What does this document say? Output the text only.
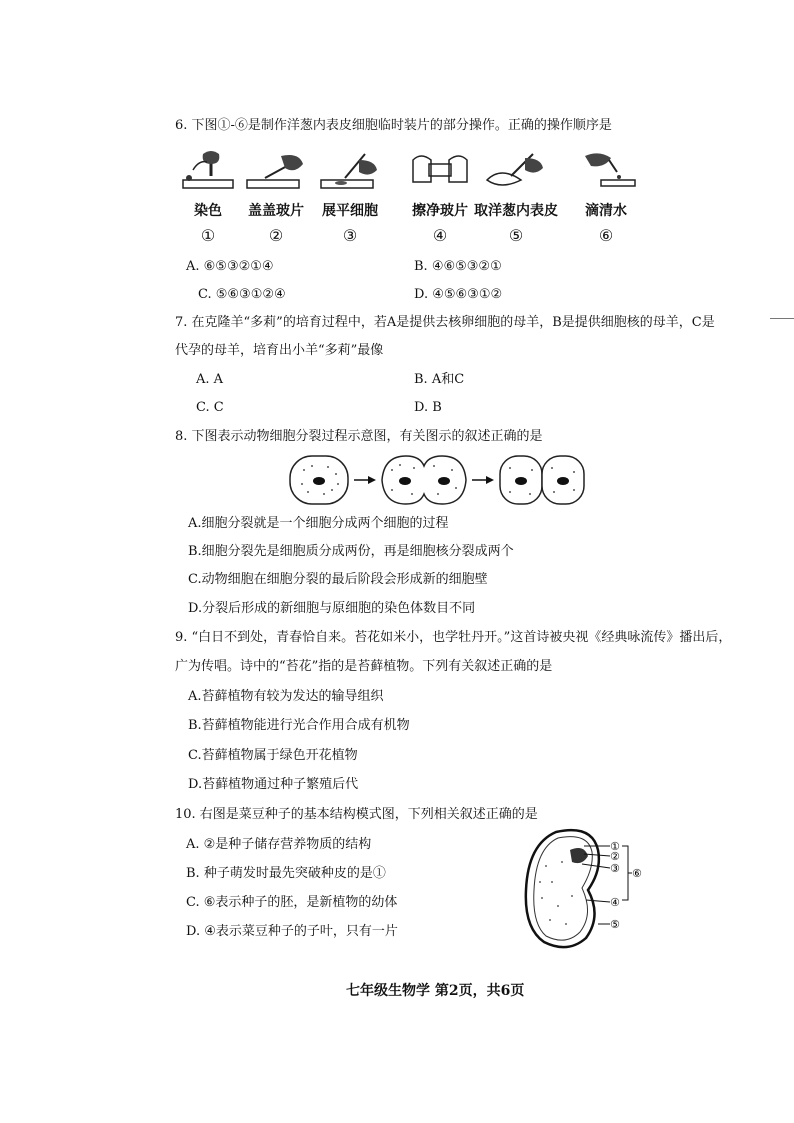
6. 下图①-⑥是制作洋葱内表皮细胞临时装片的部分操作。正确的操作顺序是
染色
①
盖盖玻片
②
展平细胞
③
擦净玻片
④
取洋葱内表皮
⑤
滴清水
⑥
A. ⑥⑤③②①④	B. ④⑥⑤③②①
C. ⑤⑥③①②④	D. ④⑤⑥③①②
7. 在克隆羊“多莉”的培育过程中，若A是提供去核卵细胞的母羊，B是提供细胞核的母羊，C是
代孕的母羊，培育出小羊“多莉”最像
A. A	B. A和C
C. C	D. B
8. 下图表示动物细胞分裂过程示意图，有关图示的叙述正确的是
A.细胞分裂就是一个细胞分成两个细胞的过程
B.细胞分裂先是细胞质分成两份，再是细胞核分裂成两个
C.动物细胞在细胞分裂的最后阶段会形成新的细胞壁
D.分裂后形成的新细胞与原细胞的染色体数目不同
9. “白日不到处，青春恰自来。苔花如米小，也学牡丹开。”这首诗被央视《经典咏流传》播出后，
广为传唱。诗中的“苔花”指的是苔藓植物。下列有关叙述正确的是
A.苔藓植物有较为发达的输导组织
B.苔藓植物能进行光合作用合成有机物
C.苔藓植物属于绿色开花植物
D.苔藓植物通过种子繁殖后代
10. 右图是菜豆种子的基本结构模式图，下列相关叙述正确的是
A. ②是种子储存营养物质的结构
B. 种子萌发时最先突破种皮的是①
C. ⑥表示种子的胚，是新植物的幼体
D. ④表示菜豆种子的子叶，只有一片
①
②
③
④
⑤
⑥
七年级生物学 第2页，共6页
